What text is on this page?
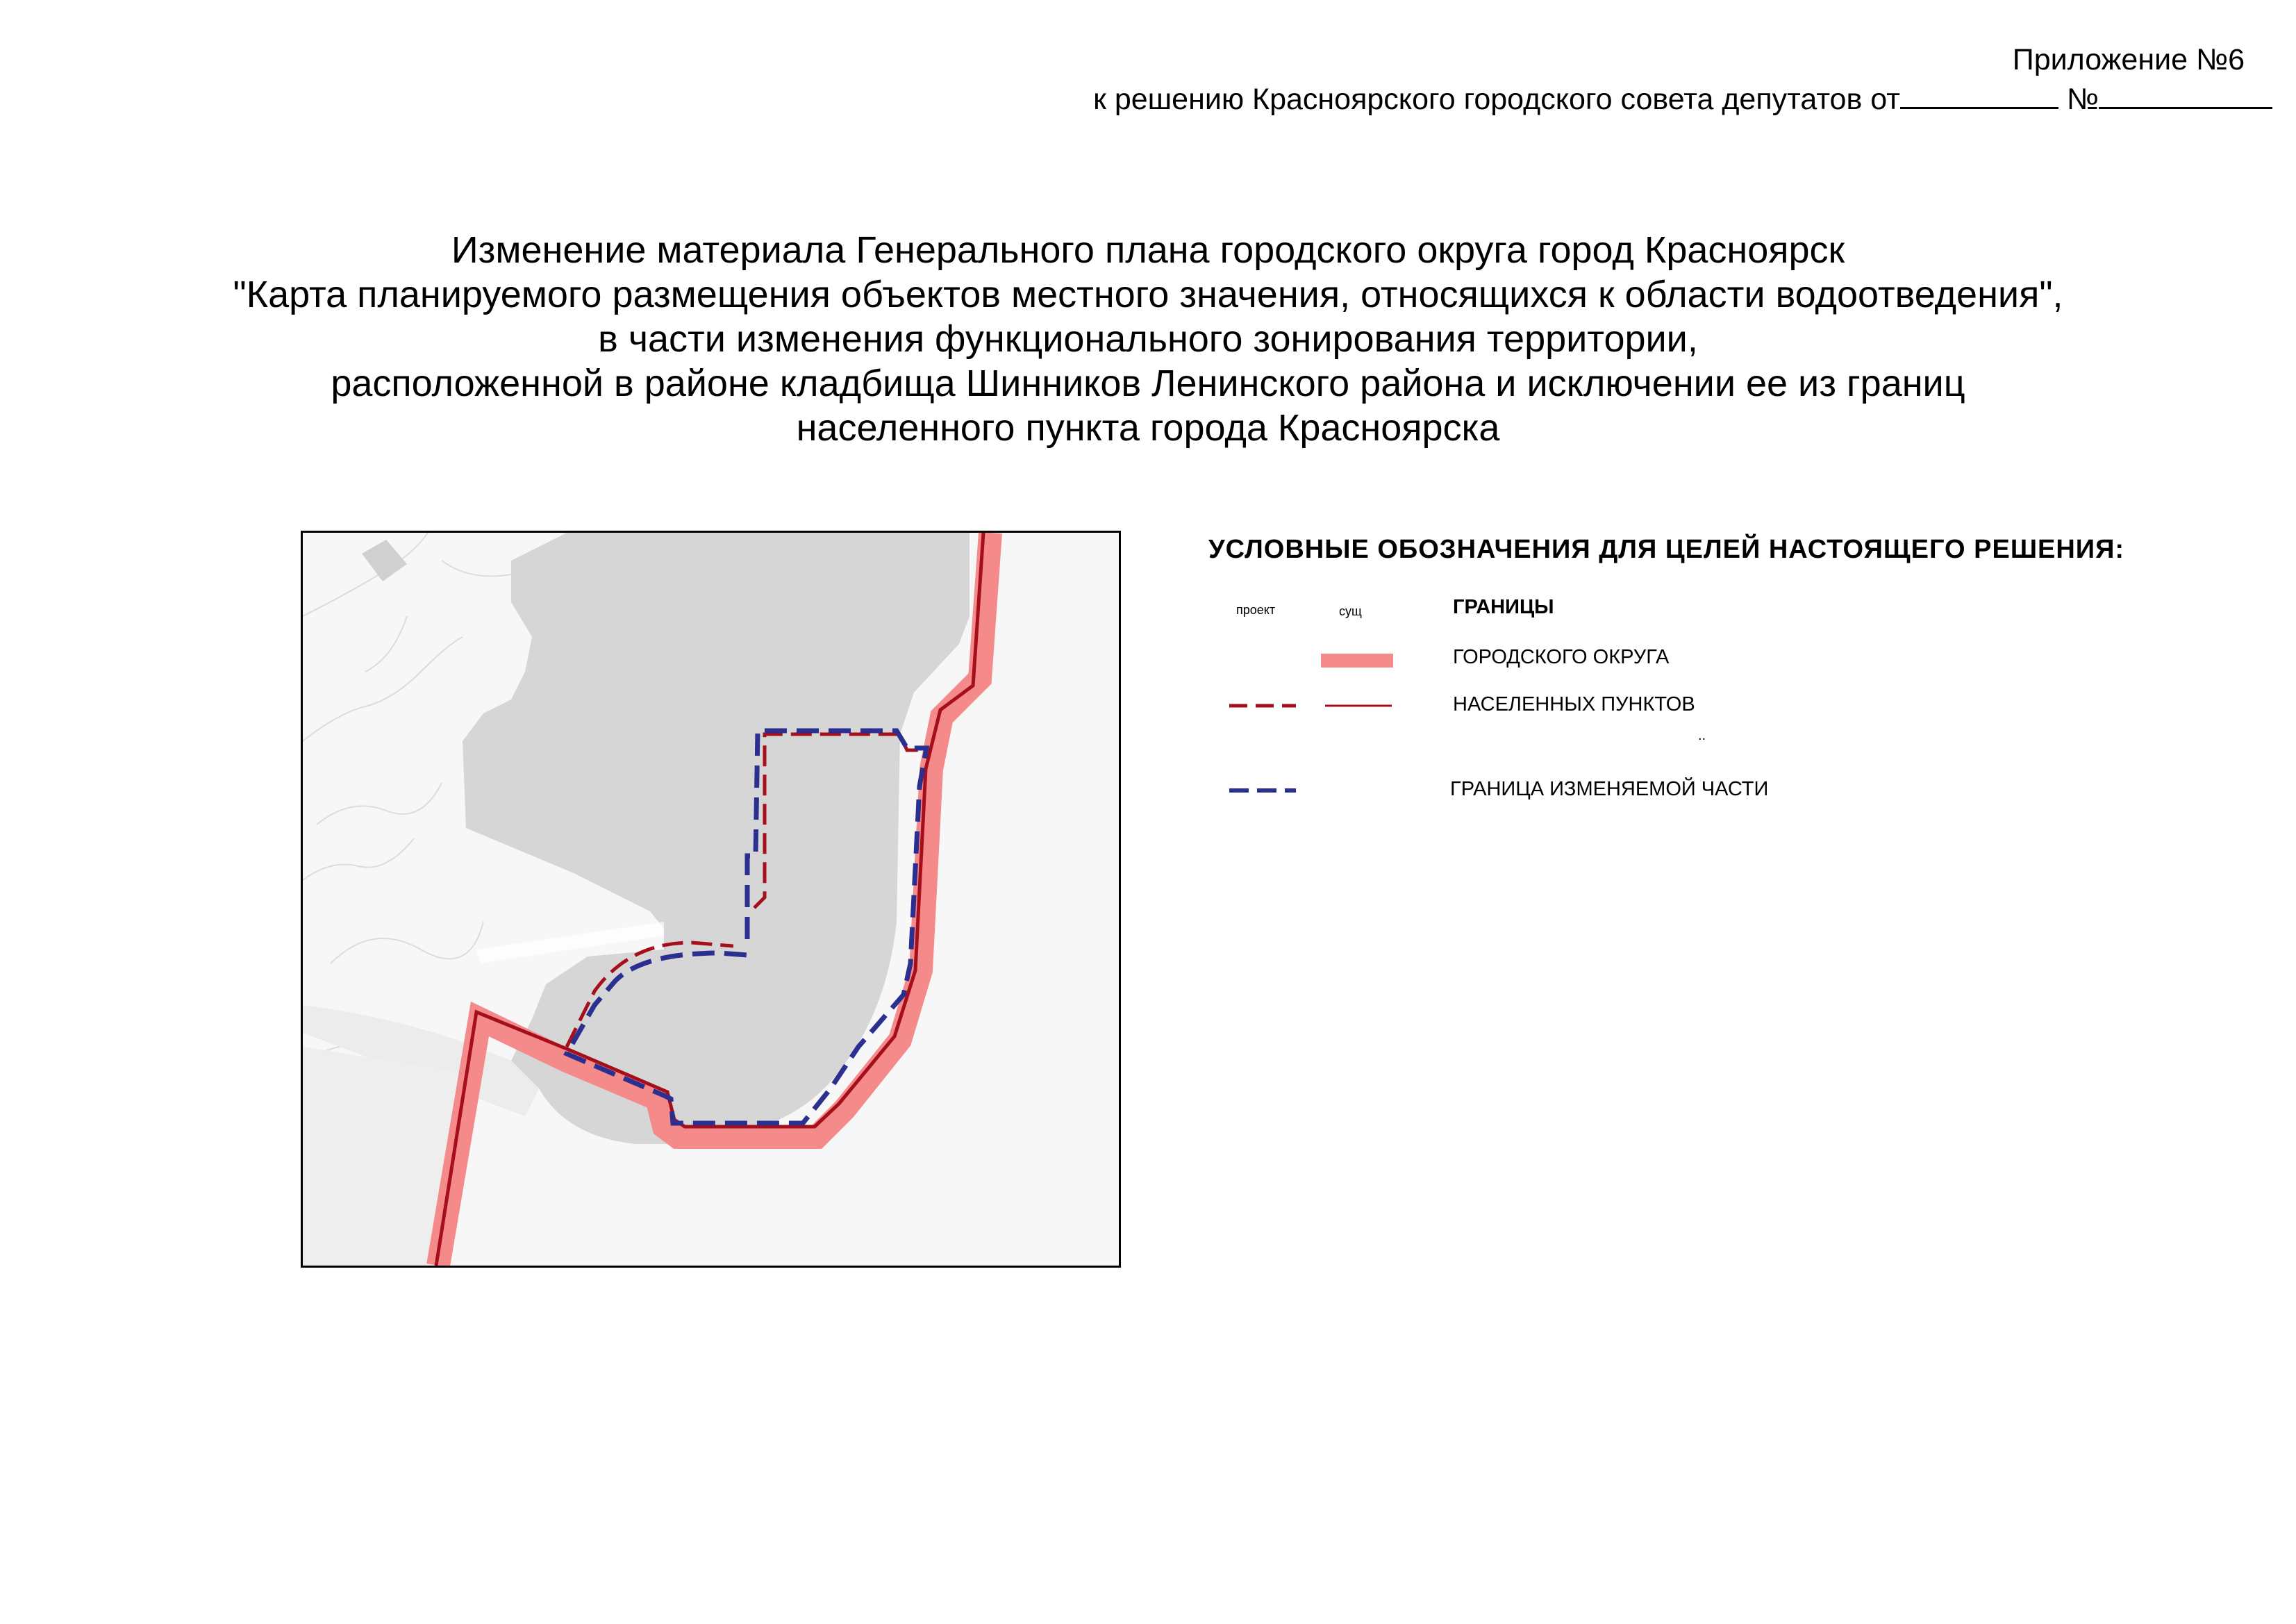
Приложение №6
к решению Красноярского городского совета депутатов от	№
Изменение материала Генерального плана городского округа город Красноярск
"Карта планируемого размещения объектов местного значения, относящихся к области водоотведения",
в части изменения функционального зонирования территории,
расположенной в районе кладбища Шинников Ленинского района и исключении ее из границ
населенного пункта города Красноярска
УСЛОВНЫЕ ОБОЗНАЧЕНИЯ ДЛЯ ЦЕЛЕЙ НАСТОЯЩЕГО РЕШЕНИЯ:
проект	сущ	ГРАНИЦЫ
ГОРОДСКОГО ОКРУГА
НАСЕЛЕННЫХ ПУНКТОВ
..
ГРАНИЦА ИЗМЕНЯЕМОЙ ЧАСТИ
